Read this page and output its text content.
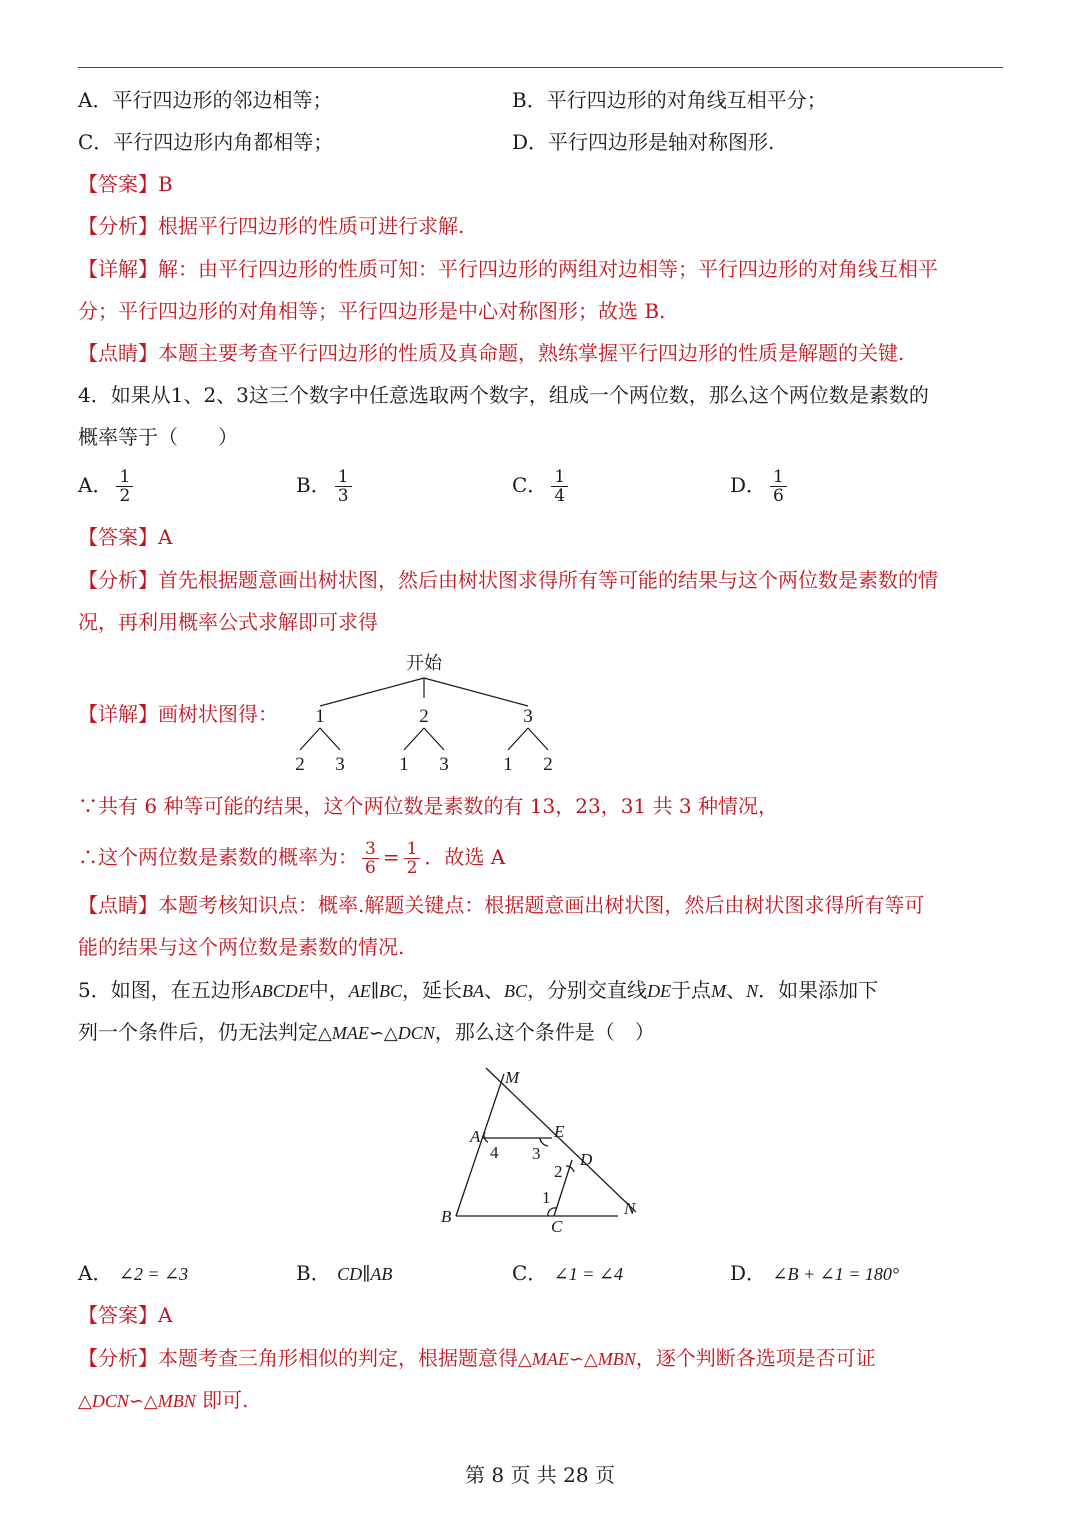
A．平行四边形的邻边相等；	B．平行四边形的对角线互相平分；
C．平行四边形内角都相等；	D．平行四边形是轴对称图形.
【答案】B
【分析】根据平行四边形的性质可进行求解.
【详解】解：由平行四边形的性质可知：平行四边形的两组对边相等；平行四边形的对角线互相平
分；平行四边形的对角相等；平行四边形是中心对称图形；故选 B.
【点睛】本题主要考查平行四边形的性质及真命题，熟练掌握平行四边形的性质是解题的关键.
4．如果从1、2、3这三个数字中任意选取两个数字，组成一个两位数，那么这个两位数是素数的
概率等于（　　）
A． $\frac{1}{2}$	B． $\frac{1}{3}$	C． $\frac{1}{4}$	D． $\frac{1}{6}$
【答案】A
【分析】首先根据题意画出树状图，然后由树状图求得所有等可能的结果与这个两位数是素数的情
况，再利用概率公式求解即可求得
【详解】画树状图得：
开始
1	2	3
2 3	1 3	1 2
∵共有 6 种等可能的结果，这个两位数是素数的有 13，23，31 共 3 种情况，
∴这个两位数是素数的概率为： $\frac{3}{6} = \frac{1}{2}$ ．故选 A
【点睛】本题考核知识点：概率.解题关键点：根据题意画出树状图，然后由树状图求得所有等可
能的结果与这个两位数是素数的情况.
5．如图，在五边形ABCDE中，AE∥BC，延长BA、BC，分别交直线DE于点M、N．如果添加下
列一个条件后，仍无法判定△MAE∽△DCN，那么这个条件是（　）
M
A	E
D
B
C
N
1
2
3
4
A． ∠2 = ∠3	B． CD∥AB	C． ∠1 = ∠4	D． ∠B + ∠1 = 180°
【答案】A
【分析】本题考查三角形相似的判定，根据题意得△MAE∽△MBN，逐个判断各选项是否可证
△DCN∽△MBN 即可.
第 8 页 共 28 页
